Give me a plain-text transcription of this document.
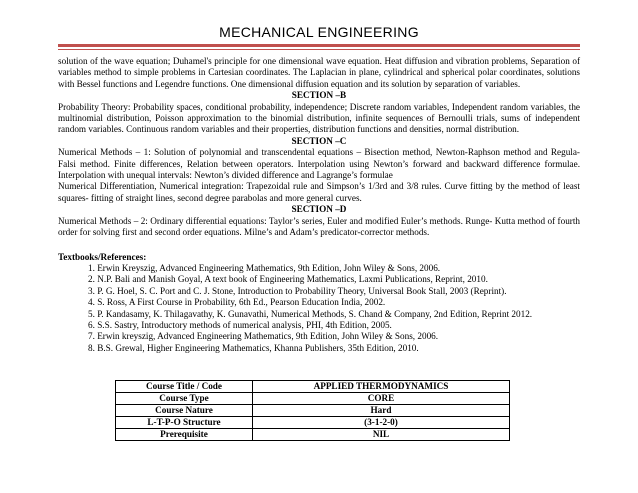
MECHANICAL ENGINEERING

solution of the wave equation; Duhamel's principle for one dimensional wave equation. Heat diffusion and vibration problems, Separation of variables method to simple problems in Cartesian coordinates. The Laplacian in plane, cylindrical and spherical polar coordinates, solutions with Bessel functions and Legendre functions. One dimensional diffusion equation and its solution by separation of variables.

SECTION –B

Probability Theory: Probability spaces, conditional probability, independence; Discrete random variables, Independent random variables, the multinomial distribution, Poisson approximation to the binomial distribution, infinite sequences of Bernoulli trials, sums of independent random variables. Continuous random variables and their properties, distribution functions and densities, normal distribution.

SECTION –C

Numerical Methods – 1: Solution of polynomial and transcendental equations – Bisection method, Newton-Raphson method and Regula-Falsi method. Finite differences, Relation between operators. Interpolation using Newton’s forward and backward difference formulae. Interpolation with unequal intervals: Newton’s divided difference and Lagrange’s formulae

Numerical Differentiation, Numerical integration: Trapezoidal rule and Simpson’s 1/3rd and 3/8 rules. Curve fitting by the method of least squares- fitting of straight lines, second degree parabolas and more general curves.

SECTION –D

Numerical Methods – 2: Ordinary differential equations: Taylor’s series, Euler and modified Euler’s methods. Runge- Kutta method of fourth order for solving first and second order equations. Milne’s and Adam’s predicator-corrector methods.

Textbooks/References:

1. Erwin Kreyszig, Advanced Engineering Mathematics, 9th Edition, John Wiley & Sons, 2006.
2. N.P. Bali and Manish Goyal, A text book of Engineering Mathematics, Laxmi Publications, Reprint, 2010.
3. P. G. Hoel, S. C. Port and C. J. Stone, Introduction to Probability Theory, Universal Book Stall, 2003 (Reprint).
4. S. Ross, A First Course in Probability, 6th Ed., Pearson Education India, 2002.
5. P. Kandasamy, K. Thilagavathy, K. Gunavathi, Numerical Methods, S. Chand & Company, 2nd Edition, Reprint 2012.
6. S.S. Sastry, Introductory methods of numerical analysis, PHI, 4th Edition, 2005.
7. Erwin kreyszig, Advanced Engineering Mathematics, 9th Edition, John Wiley & Sons, 2006.
8. B.S. Grewal, Higher Engineering Mathematics, Khanna Publishers, 35th Edition, 2010.
Course Title / Code	APPLIED THERMODYNAMICS
Course Type	CORE
Course Nature	Hard
L-T-P-O Structure	(3-1-2-0)
Prerequisite	NIL
